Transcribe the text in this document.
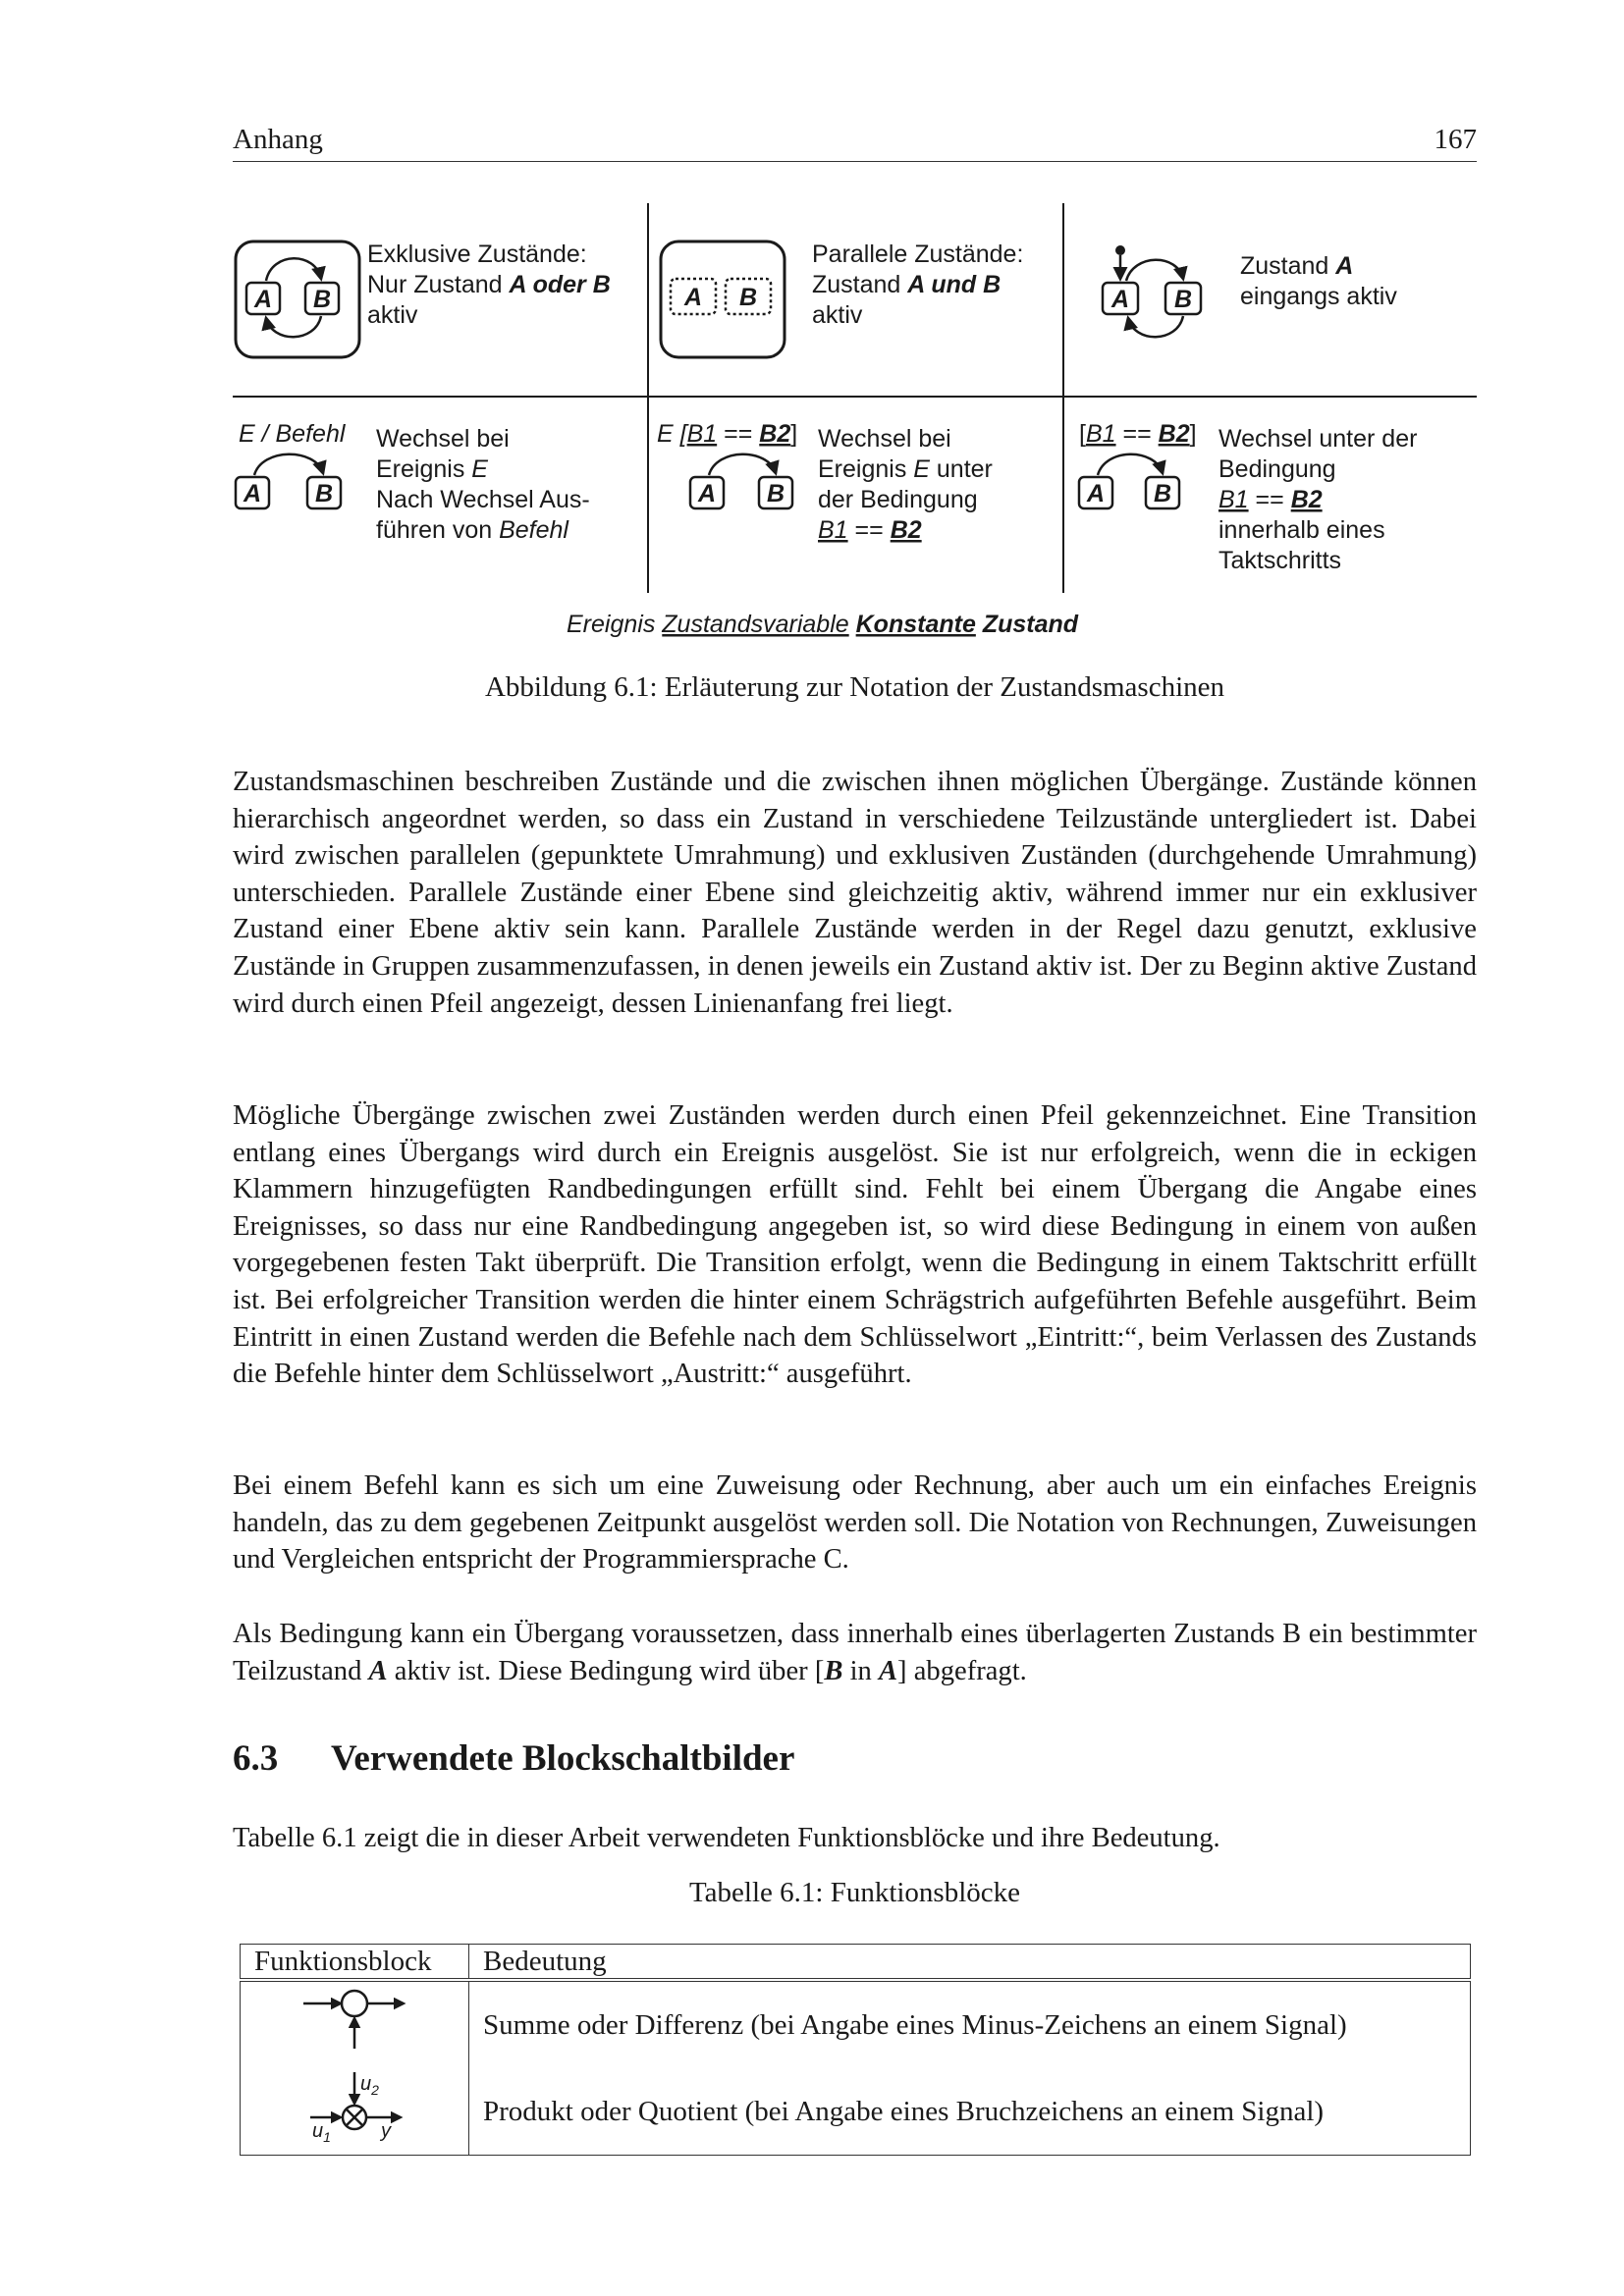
Anhang	167
A B
Exklusive Zustände:
Nur Zustand A oder B
aktiv
A B
Parallele Zustände:
Zustand A und B
aktiv
A B
Zustand A
eingangs aktiv
E / Befehl
A B
Wechsel bei
Ereignis E
Nach Wechsel Aus-
führen von Befehl
E [B1 == B2]
A B
Wechsel bei
Ereignis E unter
der Bedingung
B1 == B2
[B1 == B2]
A B
Wechsel unter der
Bedingung
B1 == B2
innerhalb eines
Taktschritts
Ereignis Zustandsvariable Konstante Zustand
Abbildung 6.1: Erläuterung zur Notation der Zustandsmaschinen

Zustandsmaschinen beschreiben Zustände und die zwischen ihnen möglichen Übergänge. Zustände können hierarchisch angeordnet werden, so dass ein Zustand in verschiedene Teilzustände untergliedert ist. Dabei wird zwischen parallelen (gepunktete Umrahmung) und exklusiven Zuständen (durchgehende Umrahmung) unterschieden. Parallele Zustände einer Ebene sind gleichzeitig aktiv, während immer nur ein exklusiver Zustand einer Ebene aktiv sein kann. Parallele Zustände werden in der Regel dazu genutzt, exklusive Zustände in Gruppen zusammenzufassen, in denen jeweils ein Zustand aktiv ist. Der zu Beginn aktive Zustand wird durch einen Pfeil angezeigt, dessen Linienanfang frei liegt.

Mögliche Übergänge zwischen zwei Zuständen werden durch einen Pfeil gekennzeichnet. Eine Transition entlang eines Übergangs wird durch ein Ereignis ausgelöst. Sie ist nur erfolgreich, wenn die in eckigen Klammern hinzugefügten Randbedingungen erfüllt sind. Fehlt bei einem Übergang die Angabe eines Ereignisses, so dass nur eine Randbedingung angegeben ist, so wird diese Bedingung in einem von außen vorgegebenen festen Takt überprüft. Die Transition erfolgt, wenn die Bedingung in einem Taktschritt erfüllt ist. Bei erfolgreicher Transition werden die hinter einem Schrägstrich aufgeführten Befehle ausgeführt. Beim Eintritt in einen Zustand werden die Befehle nach dem Schlüsselwort „Eintritt:“, beim Verlassen des Zustands die Befehle hinter dem Schlüsselwort „Austritt:“ ausgeführt.

Bei einem Befehl kann es sich um eine Zuweisung oder Rechnung, aber auch um ein einfaches Ereignis handeln, das zu dem gegebenen Zeitpunkt ausgelöst werden soll. Die Notation von Rechnungen, Zuweisungen und Vergleichen entspricht der Programmiersprache C.

Als Bedingung kann ein Übergang voraussetzen, dass innerhalb eines überlagerten Zustands B ein bestimmter Teilzustand A aktiv ist. Diese Bedingung wird über [B in A] abgefragt.

6.3 Verwendete Blockschaltbilder

Tabelle 6.1 zeigt die in dieser Arbeit verwendeten Funktionsblöcke und ihre Bedeutung.

Tabelle 6.1: Funktionsblöcke
Funktionsblock	Bedeutung
	Summe oder Differenz (bei Angabe eines Minus-Zeichens an einem Signal)

$u_2$
$u_1$ y	Produkt oder Quotient (bei Angabe eines Bruchzeichens an einem Signal)
